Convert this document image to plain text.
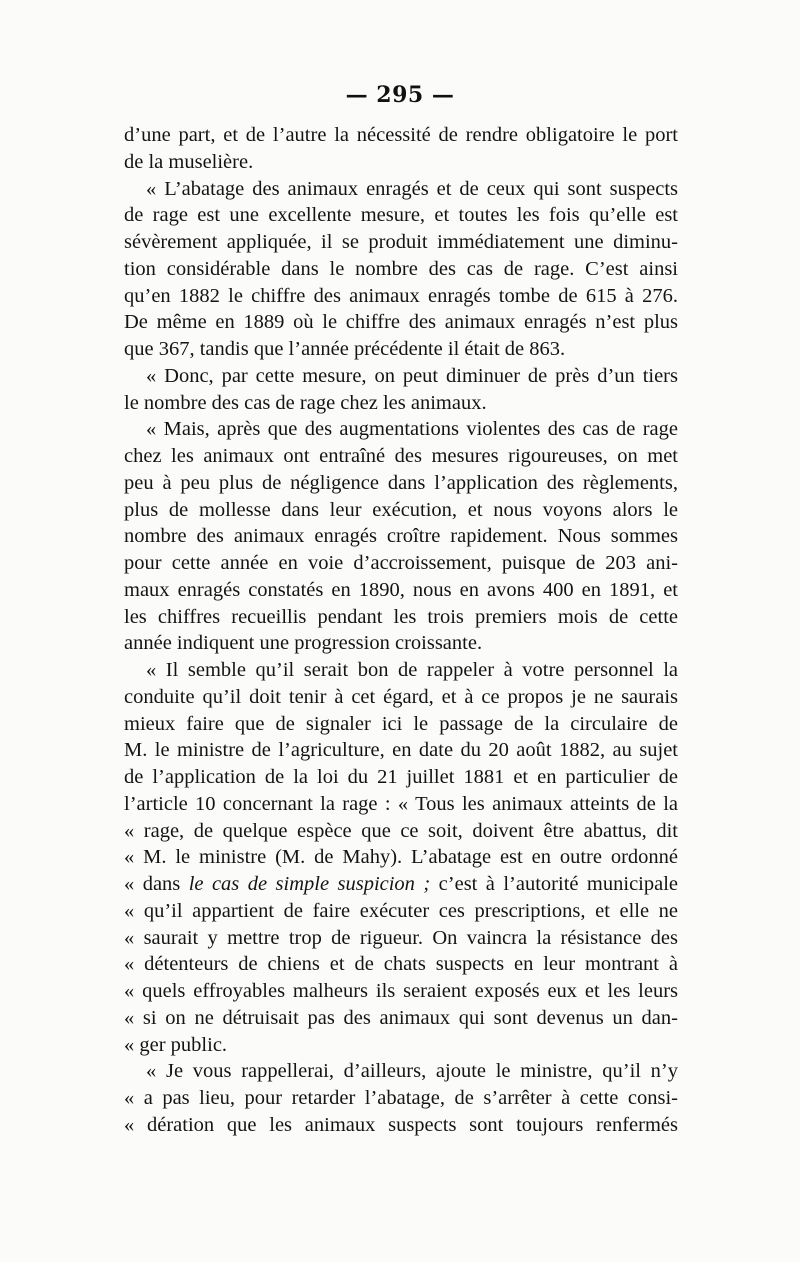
— 295 —
d’une part, et de l’autre la nécessité de rendre obligatoire le port
de la muselière.
« L’abatage des animaux enragés et de ceux qui sont suspects
de rage est une excellente mesure, et toutes les fois qu’elle est
sévèrement appliquée, il se produit immédiatement une diminu-
tion considérable dans le nombre des cas de rage. C’est ainsi
qu’en 1882 le chiffre des animaux enragés tombe de 615 à 276.
De même en 1889 où le chiffre des animaux enragés n’est plus
que 367, tandis que l’année précédente il était de 863.
« Donc, par cette mesure, on peut diminuer de près d’un tiers
le nombre des cas de rage chez les animaux.
« Mais, après que des augmentations violentes des cas de rage
chez les animaux ont entraîné des mesures rigoureuses, on met
peu à peu plus de négligence dans l’application des règlements,
plus de mollesse dans leur exécution, et nous voyons alors le
nombre des animaux enragés croître rapidement. Nous sommes
pour cette année en voie d’accroissement, puisque de 203 ani-
maux enragés constatés en 1890, nous en avons 400 en 1891, et
les chiffres recueillis pendant les trois premiers mois de cette
année indiquent une progression croissante.
« Il semble qu’il serait bon de rappeler à votre personnel la
conduite qu’il doit tenir à cet égard, et à ce propos je ne saurais
mieux faire que de signaler ici le passage de la circulaire de
M. le ministre de l’agriculture, en date du 20 août 1882, au sujet
de l’application de la loi du 21 juillet 1881 et en particulier de
l’article 10 concernant la rage : « Tous les animaux atteints de la
« rage, de quelque espèce que ce soit, doivent être abattus, dit
« M. le ministre (M. de Mahy). L’abatage est en outre ordonné
« dans le cas de simple suspicion ; c’est à l’autorité municipale
« qu’il appartient de faire exécuter ces prescriptions, et elle ne
« saurait y mettre trop de rigueur. On vaincra la résistance des
« détenteurs de chiens et de chats suspects en leur montrant à
« quels effroyables malheurs ils seraient exposés eux et les leurs
« si on ne détruisait pas des animaux qui sont devenus un dan-
« ger public.
« Je vous rappellerai, d’ailleurs, ajoute le ministre, qu’il n’y
« a pas lieu, pour retarder l’abatage, de s’arrêter à cette consi-
« dération que les animaux suspects sont toujours renfermés
